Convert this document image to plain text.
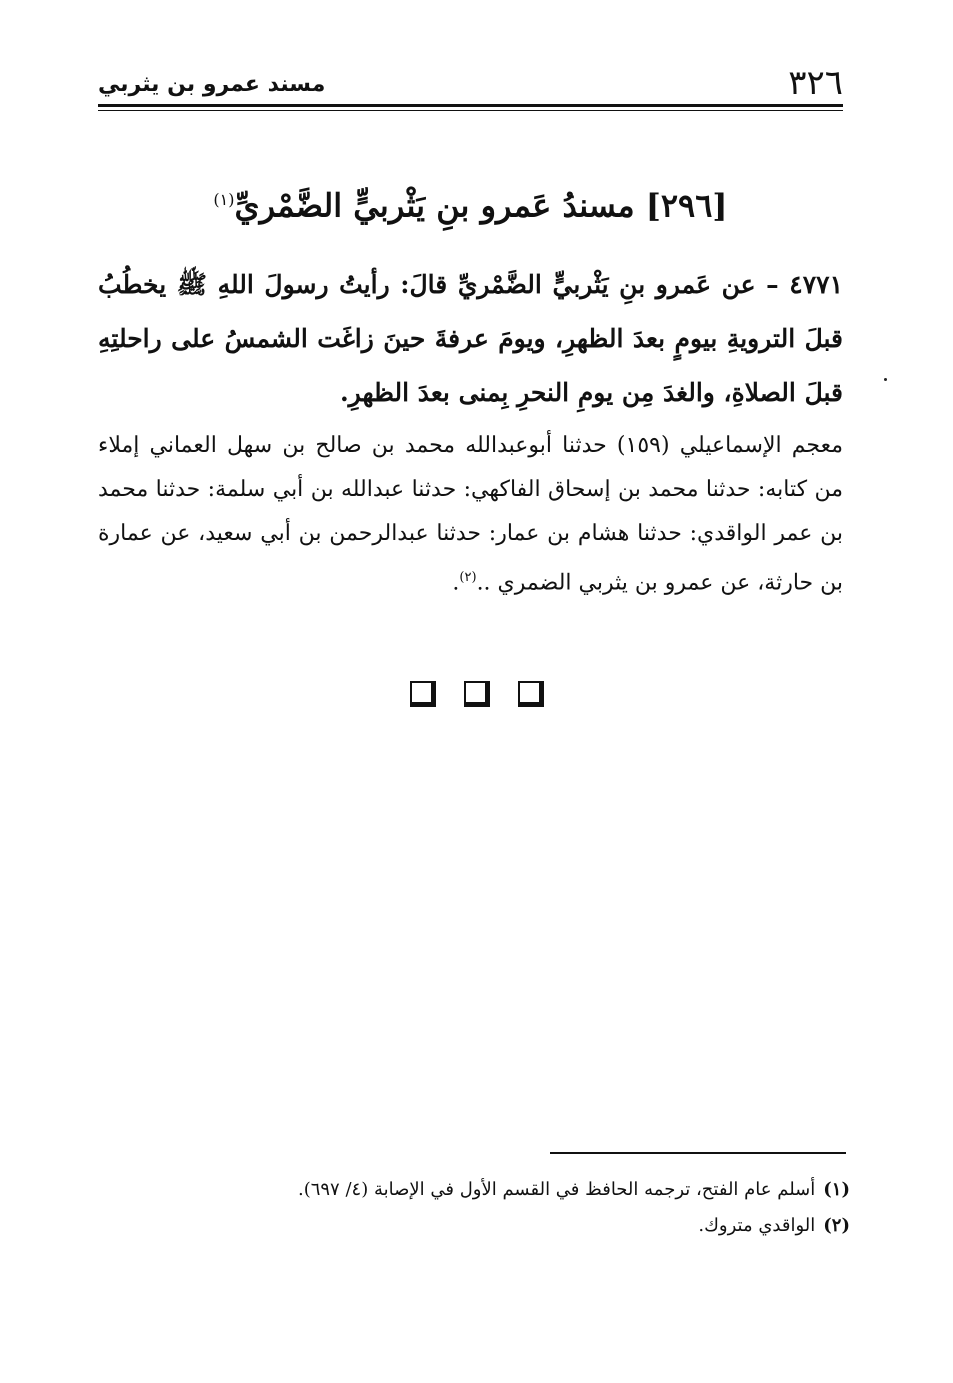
٣٢٦
مسند عمرو بن يثربي
[٢٩٦] مسندُ عَمرو بنِ يَثْربيٍّ الضَّمْريِّ$^{(١)}$
٤٧٧١ – عن عَمرو بنِ يَثْربيٍّ الضَّمْريِّ قالَ: رأيتُ رسولَ اللهِ ﷺ يخطُبُ قبلَ الترويةِ بيومٍ بعدَ الظهرِ، ويومَ عرفةَ حينَ زاغَت الشمسُ على راحلتِهِ قبلَ الصلاةِ، والغدَ مِن يومِ النحرِ بِمنى بعدَ الظهرِ.
معجم الإسماعيلي (١٥٩) حدثنا أبوعبدالله محمد بن صالح بن سهل العماني إملاء من كتابه: حدثنا محمد بن إسحاق الفاكهي: حدثنا عبدالله بن أبي سلمة: حدثنا محمد بن عمر الواقدي: حدثنا هشام بن عمار: حدثنا عبدالرحمن بن أبي سعيد، عن عمارة بن حارثة، عن عمرو بن يثربي الضمري ..$^{(٢)}$.
(١)أسلم عام الفتح، ترجمه الحافظ في القسم الأول في الإصابة (٤/ ٦٩٧).
(٢)الواقدي متروك.
